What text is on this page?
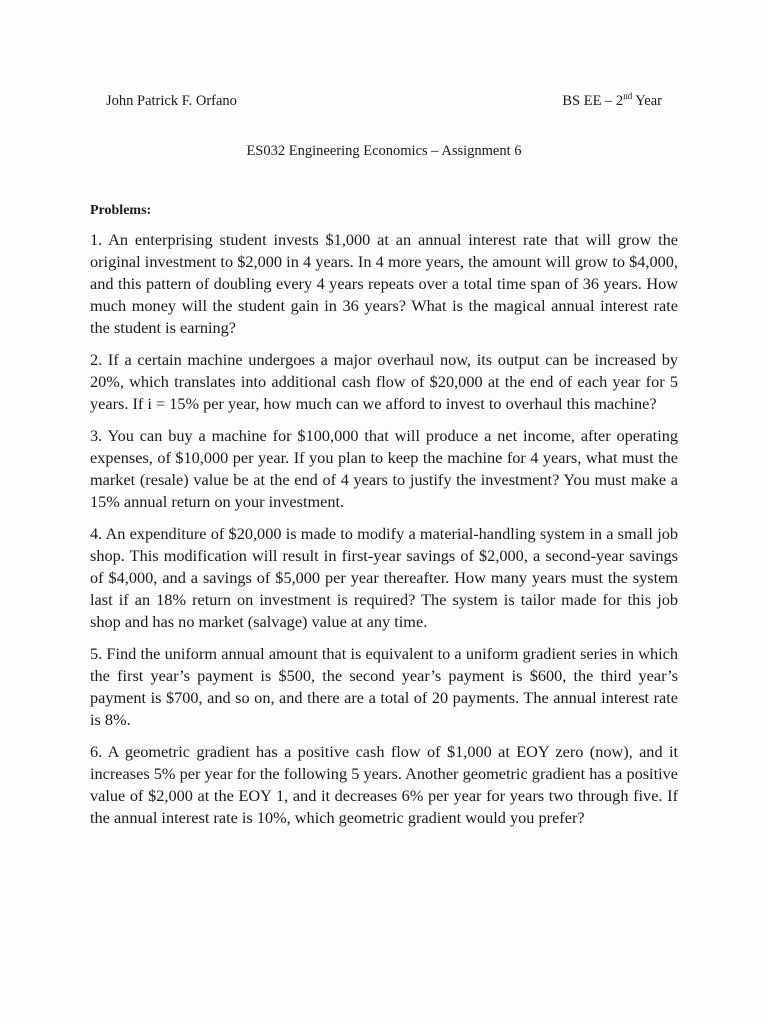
John Patrick F. Orfano	BS EE – 2nd Year
ES032 Engineering Economics – Assignment 6
Problems:

1. An enterprising student invests $1,000 at an annual interest rate that will grow the original investment to $2,000 in 4 years. In 4 more years, the amount will grow to $4,000, and this pattern of doubling every 4 years repeats over a total time span of 36 years. How much money will the student gain in 36 years? What is the magical annual interest rate the student is earning?

2. If a certain machine undergoes a major overhaul now, its output can be increased by 20%, which translates into additional cash flow of $20,000 at the end of each year for 5 years. If i = 15% per year, how much can we afford to invest to overhaul this machine?

3. You can buy a machine for $100,000 that will produce a net income, after operating expenses, of $10,000 per year. If you plan to keep the machine for 4 years, what must the market (resale) value be at the end of 4 years to justify the investment? You must make a 15% annual return on your investment.

4. An expenditure of $20,000 is made to modify a material-handling system in a small job shop. This modification will result in first-year savings of $2,000, a second-year savings of $4,000, and a savings of $5,000 per year thereafter. How many years must the system last if an 18% return on investment is required? The system is tailor made for this job shop and has no market (salvage) value at any time.

5. Find the uniform annual amount that is equivalent to a uniform gradient series in which the first year’s payment is $500, the second year’s payment is $600, the third year’s payment is $700, and so on, and there are a total of 20 payments. The annual interest rate is 8%.

6. A geometric gradient has a positive cash flow of $1,000 at EOY zero (now), and it increases 5% per year for the following 5 years. Another geometric gradient has a positive value of $2,000 at the EOY 1, and it decreases 6% per year for years two through five. If the annual interest rate is 10%, which geometric gradient would you prefer?
